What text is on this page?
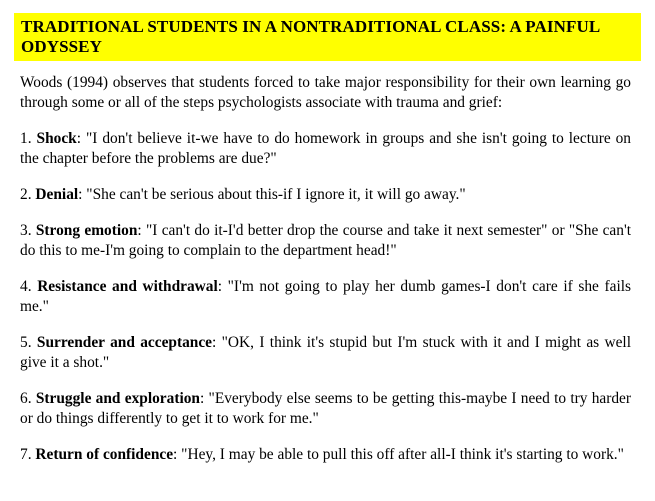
TRADITIONAL STUDENTS IN A NONTRADITIONAL CLASS: A PAINFUL ODYSSEY

Woods (1994) observes that students forced to take major responsibility for their own learning go through some or all of the steps psychologists associate with trauma and grief:

1. Shock: "I don't believe it-we have to do homework in groups and she isn't going to lecture on the chapter before the problems are due?"

2. Denial: "She can't be serious about this-if I ignore it, it will go away."

3. Strong emotion: "I can't do it-I'd better drop the course and take it next semester" or "She can't do this to me-I'm going to complain to the department head!"

4. Resistance and withdrawal: "I'm not going to play her dumb games-I don't care if she fails me."

5. Surrender and acceptance: "OK, I think it's stupid but I'm stuck with it and I might as well give it a shot."

6. Struggle and exploration: "Everybody else seems to be getting this-maybe I need to try harder or do things differently to get it to work for me."

7. Return of confidence: "Hey, I may be able to pull this off after all-I think it's starting to work."
